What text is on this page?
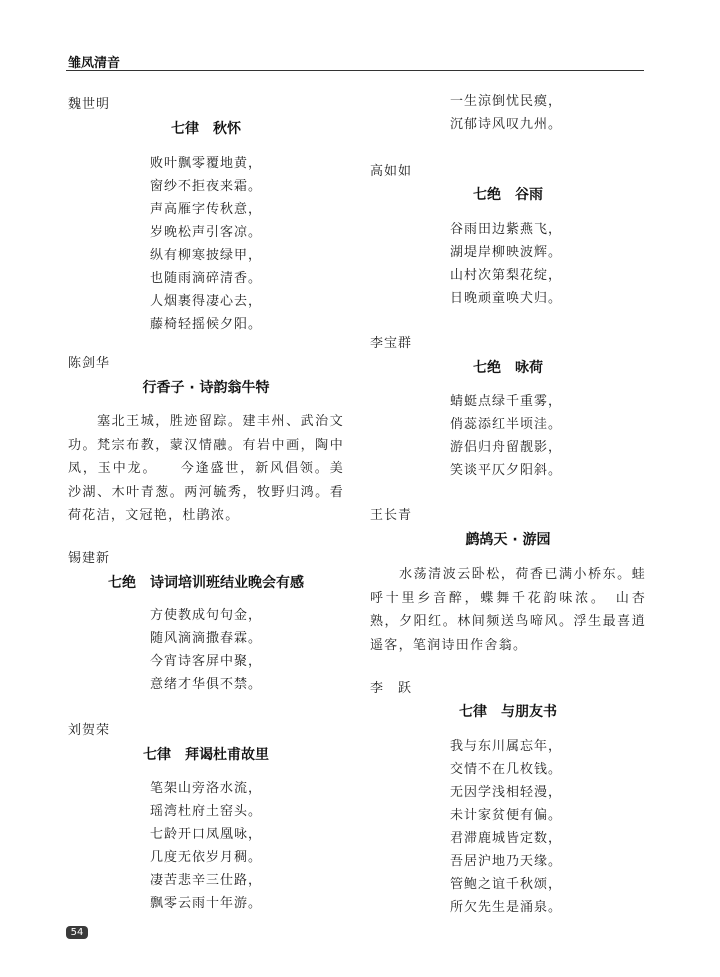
雏凤清音
魏世明
七律　秋怀
败叶飘零覆地黄，
窗纱不拒夜来霜。
声高雁字传秋意，
岁晚松声引客凉。
纵有柳寒披绿甲，
也随雨滴碎清香。
人烟裹得凄心去，
藤椅轻摇候夕阳。
陈剑华
行香子 · 诗韵翁牛特

　　塞北王城，胜迹留踪。建丰州、武治文功。梵宗布教，蒙汉情融。有岩中画，陶中凤，玉中龙。　　今逢盛世，新风倡领。美沙湖、木叶青葱。两河毓秀，牧野归鸿。看荷花洁，文冠艳，杜鹃浓。

锡建新
七绝　诗词培训班结业晚会有感
方使教成句句金，
随风滴滴撒春霖。
今宵诗客屏中聚，
意绪才华俱不禁。
刘贺荣
七律　拜谒杜甫故里
笔架山旁洛水流，
瑶湾杜府土窑头。
七龄开口凤凰咏，
几度无依岁月稠。
凄苦悲辛三仕路，
飘零云雨十年游。
一生涼倒忧民瘼，
沉郁诗风叹九州。
高如如
七绝　谷雨
谷雨田边紫燕飞，
湖堤岸柳映波辉。
山村次第梨花绽，
日晚顽童唤犬归。
李宝群
七绝　咏荷
蜻蜓点绿千重雾，
俏蕊添红半顷洼。
游侣归舟留靓影，
笑谈平仄夕阳斜。
王长青
鹧鸪天 · 游园

　　水荡清波云卧松，荷香已满小桥东。蛙呼十里乡音醉，蝶舞千花韵味浓。　山杏熟，夕阳红。林间频送鸟啼风。浮生最喜逍遥客，笔润诗田作舍翁。

李　跃
七律　与朋友书
我与东川属忘年，
交情不在几枚钱。
无因学浅相轻漫，
未计家贫便有偏。
君滞鹿城皆定数，
吾居沪地乃天缘。
管鲍之谊千秋颂，
所欠先生是涌泉。
54
